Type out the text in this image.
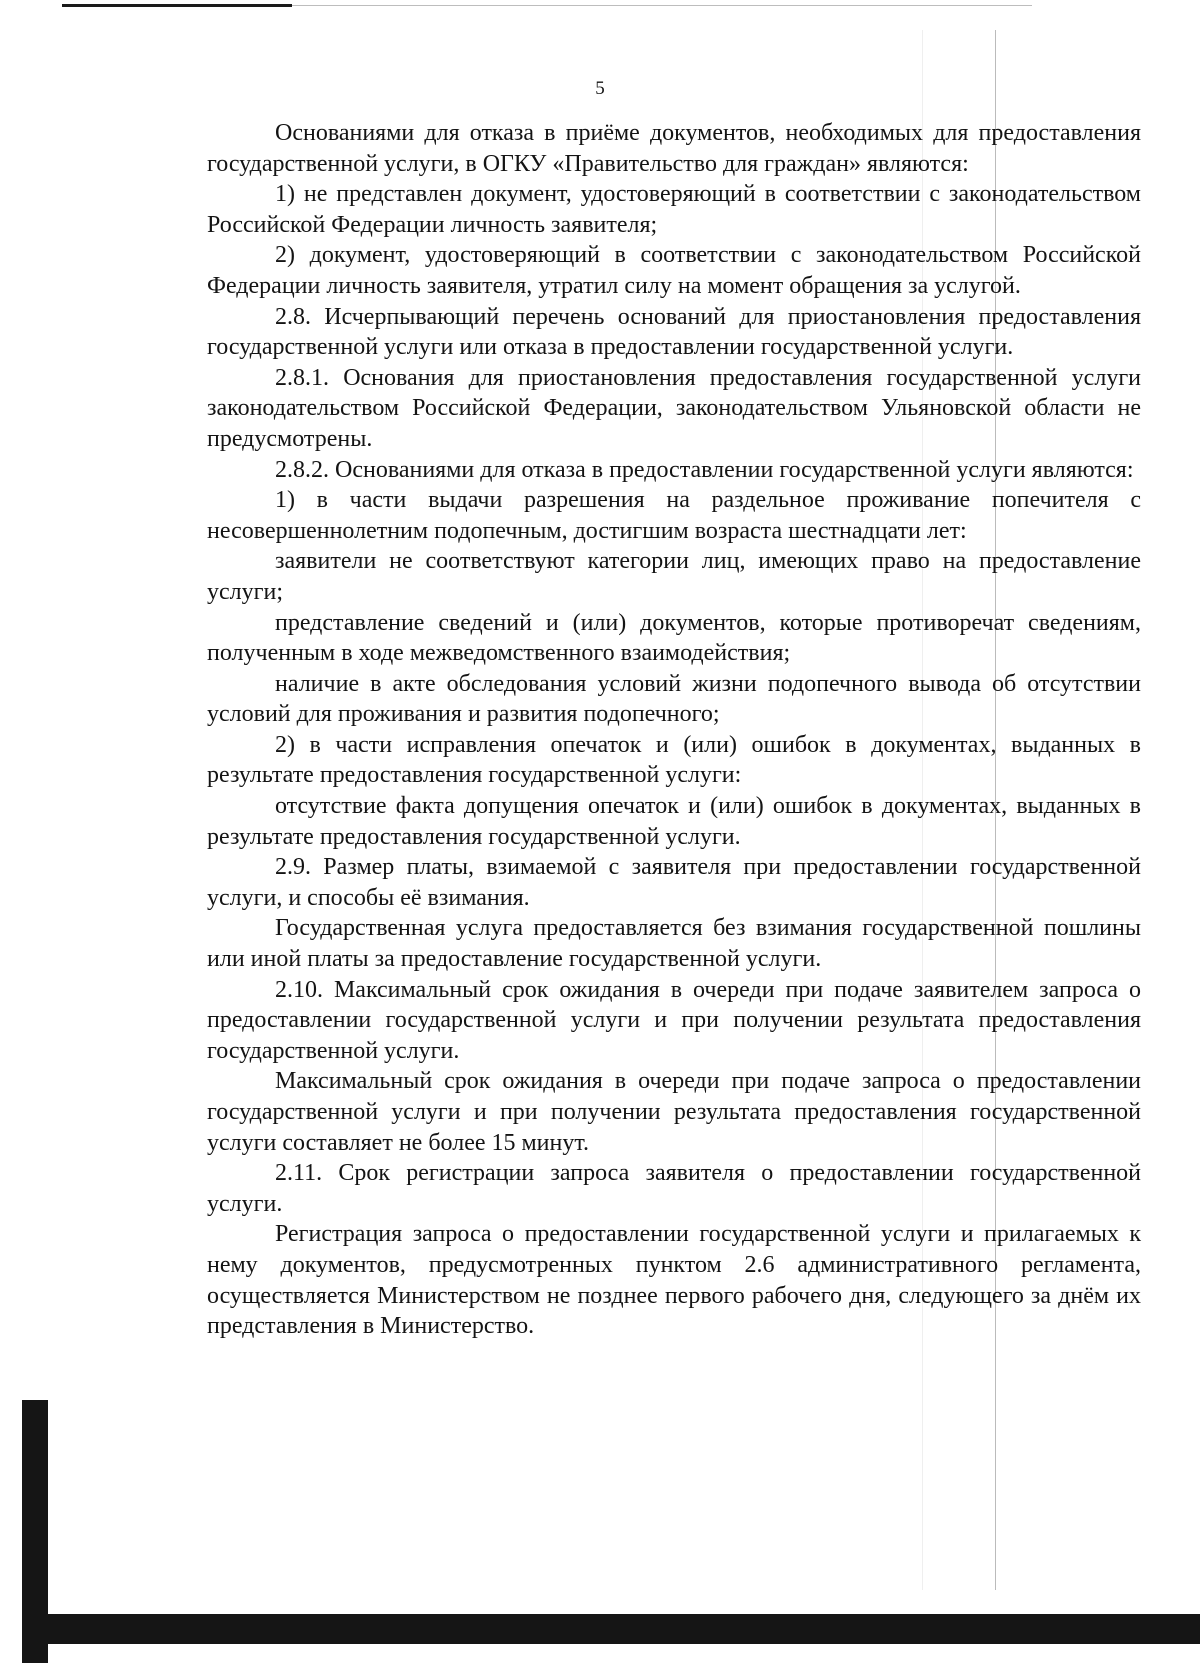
5

Основаниями для отказа в приёме документов, необходимых для предоставления государственной услуги, в ОГКУ «Правительство для граждан» являются:

1) не представлен документ, удостоверяющий в соответствии с законодательством Российской Федерации личность заявителя;

2) документ, удостоверяющий в соответствии с законодательством Российской Федерации личность заявителя, утратил силу на момент обращения за услугой.

2.8. Исчерпывающий перечень оснований для приостановления предоставления государственной услуги или отказа в предоставлении государственной услуги.

2.8.1. Основания для приостановления предоставления государственной услуги законодательством Российской Федерации, законодательством Ульяновской области не предусмотрены.

2.8.2. Основаниями для отказа в предоставлении государственной услуги являются:

1) в части выдачи разрешения на раздельное проживание попечителя с несовершеннолетним подопечным, достигшим возраста шестнадцати лет:

заявители не соответствуют категории лиц, имеющих право на предоставление услуги;

представление сведений и (или) документов, которые противоречат сведениям, полученным в ходе межведомственного взаимодействия;

наличие в акте обследования условий жизни подопечного вывода об отсутствии условий для проживания и развития подопечного;

2) в части исправления опечаток и (или) ошибок в документах, выданных в результате предоставления государственной услуги:

отсутствие факта допущения опечаток и (или) ошибок в документах, выданных в результате предоставления государственной услуги.

2.9. Размер платы, взимаемой с заявителя при предоставлении государственной услуги, и способы её взимания.

Государственная услуга предоставляется без взимания государственной пошлины или иной платы за предоставление государственной услуги.

2.10. Максимальный срок ожидания в очереди при подаче заявителем запроса о предоставлении государственной услуги и при получении результата предоставления государственной услуги.

Максимальный срок ожидания в очереди при подаче запроса о предоставлении государственной услуги и при получении результата предоставления государственной услуги составляет не более 15 минут.

2.11. Срок регистрации запроса заявителя о предоставлении государственной услуги.

Регистрация запроса о предоставлении государственной услуги и прилагаемых к нему документов, предусмотренных пунктом 2.6 административного регламента, осуществляется Министерством не позднее первого рабочего дня, следующего за днём их представления в Министерство.
